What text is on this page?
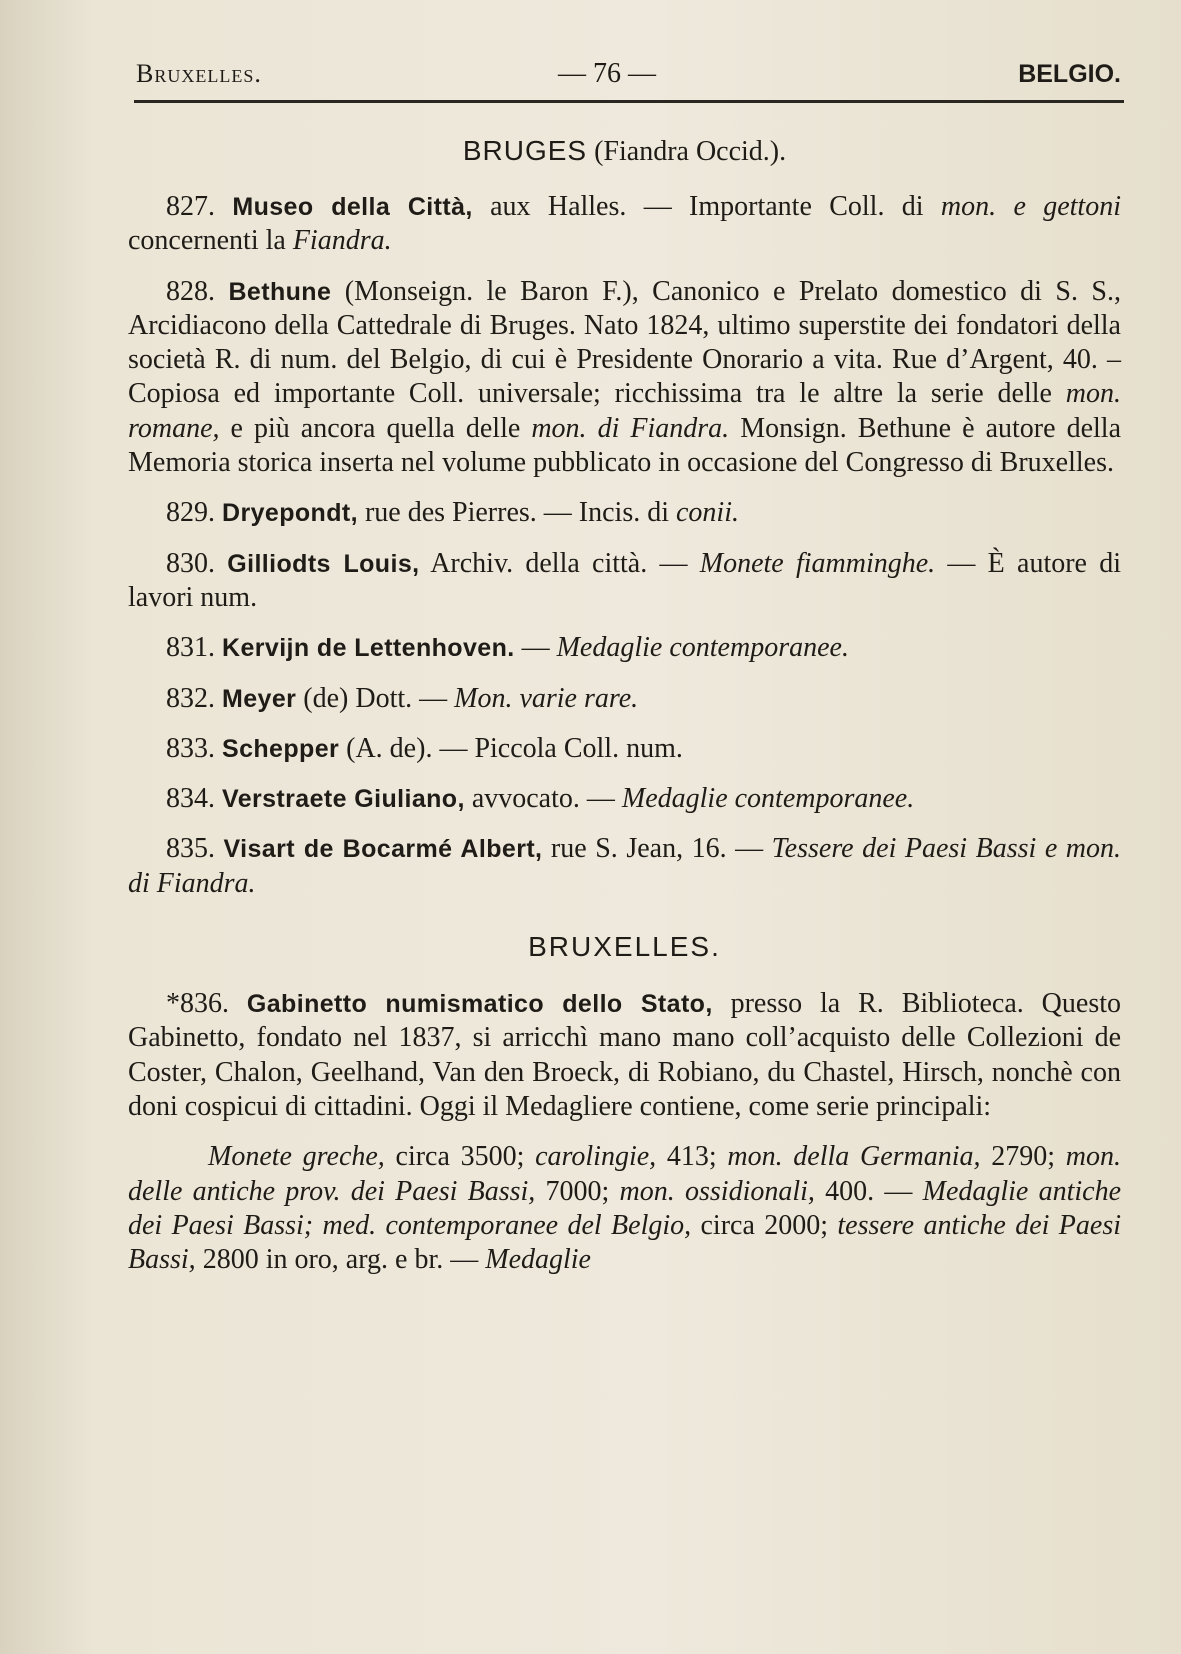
Bruxelles.	— 76 —	BELGIO.
BRUGES (Fiandra Occid.).

827. Museo della Città, aux Halles. — Importante Coll. di mon. e gettoni concernenti la Fiandra.

828. Bethune (Monseign. le Baron F.), Canonico e Prelato domestico di S. S., Arcidiacono della Cattedrale di Bruges. Nato 1824, ultimo superstite dei fondatori della società R. di num. del Belgio, di cui è Presidente Onorario a vita. Rue d’Argent, 40. – Copiosa ed importante Coll. universale; ricchissima tra le altre la serie delle mon. romane, e più ancora quella delle mon. di Fiandra. Monsign. Bethune è autore della Memoria storica inserta nel volume pubblicato in occasione del Congresso di Bruxelles.

829. Dryepondt, rue des Pierres. — Incis. di conii.

830. Gilliodts Louis, Archiv. della città. — Monete fiamminghe. — È autore di lavori num.

831. Kervijn de Lettenhoven. — Medaglie contemporanee.

832. Meyer (de) Dott. — Mon. varie rare.

833. Schepper (A. de). — Piccola Coll. num.

834. Verstraete Giuliano, avvocato. — Medaglie contemporanee.

835. Visart de Bocarmé Albert, rue S. Jean, 16. — Tessere dei Paesi Bassi e mon. di Fiandra.

BRUXELLES.

*836. Gabinetto numismatico dello Stato, presso la R. Biblioteca. Questo Gabinetto, fondato nel 1837, si arricchì mano mano coll’acquisto delle Collezioni de Coster, Chalon, Geelhand, Van den Broeck, di Robiano, du Chastel, Hirsch, nonchè con doni cospicui di cittadini. Oggi il Medagliere contiene, come serie principali:

Monete greche, circa 3500; carolingie, 413; mon. della Germania, 2790; mon. delle antiche prov. dei Paesi Bassi, 7000; mon. ossidionali, 400. — Medaglie antiche dei Paesi Bassi; med. contemporanee del Belgio, circa 2000; tessere antiche dei Paesi Bassi, 2800 in oro, arg. e br. — Medaglie
